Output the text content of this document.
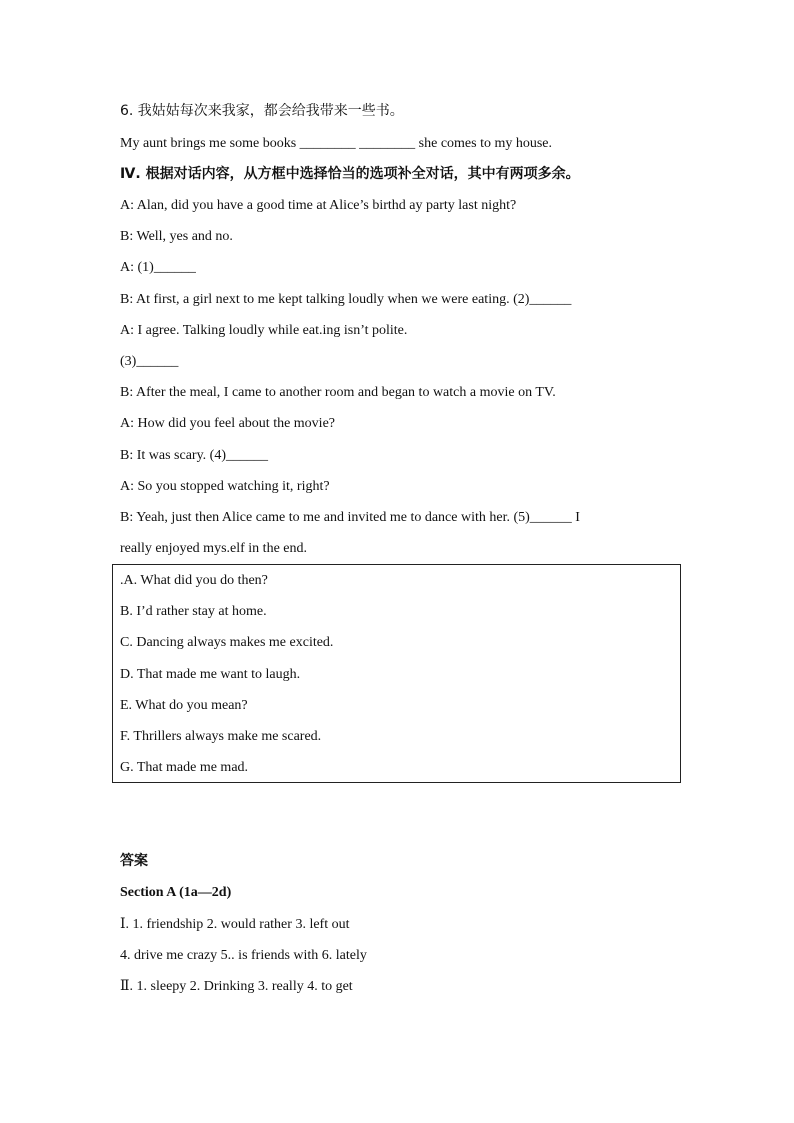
6. 我姑姑每次来我家，都会给我带来一些书。
My aunt brings me some books ________ ________ she comes to my house.
Ⅳ. 根据对话内容，从方框中选择恰当的选项补全对话，其中有两项多余。
A: Alan, did you have a good time at Alice’s birthd ay party last night?
B: Well, yes and no.
A: (1)______
B: At first, a girl next to me kept talking loudly when we were eating. (2)______
A: I agree. Talking loudly while eat.ing isn’t polite.
(3)______
B: After the meal, I came to another room and began to watch a movie on TV.
A: How did you feel about the movie?
B: It was scary. (4)______
A: So you stopped watching it, right?
B: Yeah, just then Alice came to me and invited me to dance with her. (5)______ I
really enjoyed mys.elf in the end.
.A. What did you do then?
B. I’d rather stay at home.
C. Dancing always makes me excited.
D. That made me want to laugh.
E. What do you mean?
F. Thrillers always make me scared.
G. That made me mad.
答案
Section A (1a—2d)
Ⅰ. 1. friendship 2. would rather 3. left out
4. drive me crazy 5.. is friends with 6. lately
Ⅱ. 1. sleepy 2. Drinking 3. really 4. to get
